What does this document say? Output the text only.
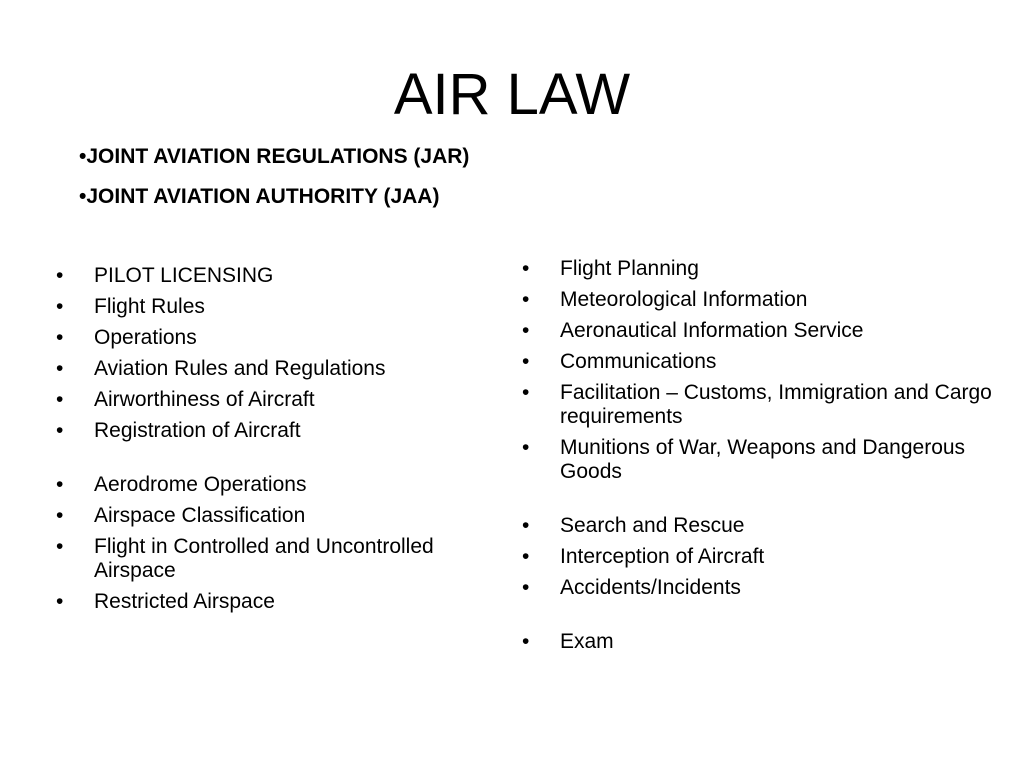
AIR LAW
•JOINT AVIATION REGULATIONS (JAR)
•JOINT AVIATION AUTHORITY (JAA)
• PILOT LICENSING
• Flight Rules
• Operations
• Aviation Rules and Regulations
• Airworthiness of Aircraft
• Registration of Aircraft
• Aerodrome Operations
• Airspace Classification
• Flight in Controlled and Uncontrolled Airspace
• Restricted Airspace
• Flight Planning
• Meteorological Information
• Aeronautical Information Service
• Communications
• Facilitation – Customs, Immigration and Cargo requirements
• Munitions of War, Weapons and Dangerous Goods
• Search and Rescue
• Interception of Aircraft
• Accidents/Incidents
• Exam
